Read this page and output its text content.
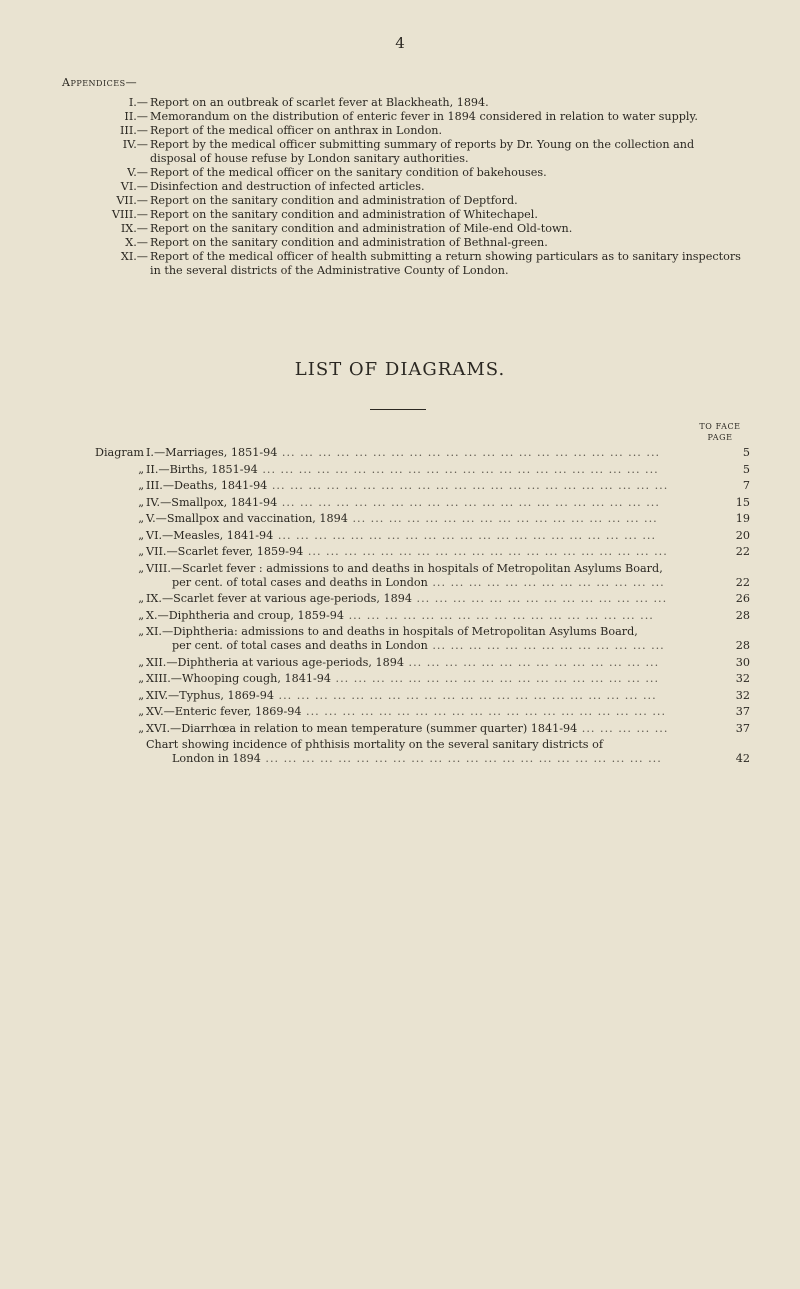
4
Appendices—
I.— Report on an outbreak of scarlet fever at Blackheath, 1894.
II.— Memorandum on the distribution of enteric fever in 1894 considered in relation to water supply.
III.— Report of the medical officer on anthrax in London.
IV.— Report by the medical officer submitting summary of reports by Dr. Young on the collection and disposal of house refuse by London sanitary authorities.
V.— Report of the medical officer on the sanitary condition of bakehouses.
VI.— Disinfection and destruction of infected articles.
VII.— Report on the sanitary condition and administration of Deptford.
VIII.— Report on the sanitary condition and administration of Whitechapel.
IX.— Report on the sanitary condition and administration of Mile-end Old-town.
X.— Report on the sanitary condition and administration of Bethnal-green.
XI.— Report of the medical officer of health submitting a return showing particulars as to sanitary inspectors in the several districts of the Administrative County of London.
LIST OF DIAGRAMS.
TO FACE
PAGE
Diagram I.—Marriages, 1851-94 ... ... ... ... ... ... ... ... ... ... ... ... ... ... ... ... ... ... ... ... ...	5
„ II.—Births, 1851-94 ... ... ... ... ... ... ... ... ... ... ... ... ... ... ... ... ... ... ... ... ... ...	5
„ III.—Deaths, 1841-94 ... ... ... ... ... ... ... ... ... ... ... ... ... ... ... ... ... ... ... ... ... ...	7
„ IV.—Smallpox, 1841-94 ... ... ... ... ... ... ... ... ... ... ... ... ... ... ... ... ... ... ... ... ...	15
„ V.—Smallpox and vaccination, 1894 ... ... ... ... ... ... ... ... ... ... ... ... ... ... ... ... ...	19
„ VI.—Measles, 1841-94 ... ... ... ... ... ... ... ... ... ... ... ... ... ... ... ... ... ... ... ... ...	20
„ VII.—Scarlet fever, 1859-94 ... ... ... ... ... ... ... ... ... ... ... ... ... ... ... ... ... ... ... ...	22
„ VIII.—Scarlet fever : admissions to and deaths in hospitals of Metropolitan Asylums Board,
per cent. of total cases and deaths in London ... ... ... ... ... ... ... ... ... ... ... ... ...	22
„ IX.—Scarlet fever at various age-periods, 1894 ... ... ... ... ... ... ... ... ... ... ... ... ... ...	26
„ X.—Diphtheria and croup, 1859-94 ... ... ... ... ... ... ... ... ... ... ... ... ... ... ... ... ...	28
„ XI.—Diphtheria: admissions to and deaths in hospitals of Metropolitan Asylums Board,
per cent. of total cases and deaths in London ... ... ... ... ... ... ... ... ... ... ... ... ...	28
„ XII.—Diphtheria at various age-periods, 1894 ... ... ... ... ... ... ... ... ... ... ... ... ... ...	30
„ XIII.—Whooping cough, 1841-94 ... ... ... ... ... ... ... ... ... ... ... ... ... ... ... ... ... ...	32
„ XIV.—Typhus, 1869-94 ... ... ... ... ... ... ... ... ... ... ... ... ... ... ... ... ... ... ... ... ...	32
„ XV.—Enteric fever, 1869-94 ... ... ... ... ... ... ... ... ... ... ... ... ... ... ... ... ... ... ... ...	37
„ XVI.—Diarrhœa in relation to mean temperature (summer quarter) 1841-94 ... ... ... ... ...	37
Chart showing incidence of phthisis mortality on the several sanitary districts of
London in 1894 ... ... ... ... ... ... ... ... ... ... ... ... ... ... ... ... ... ... ... ... ... ...	42
